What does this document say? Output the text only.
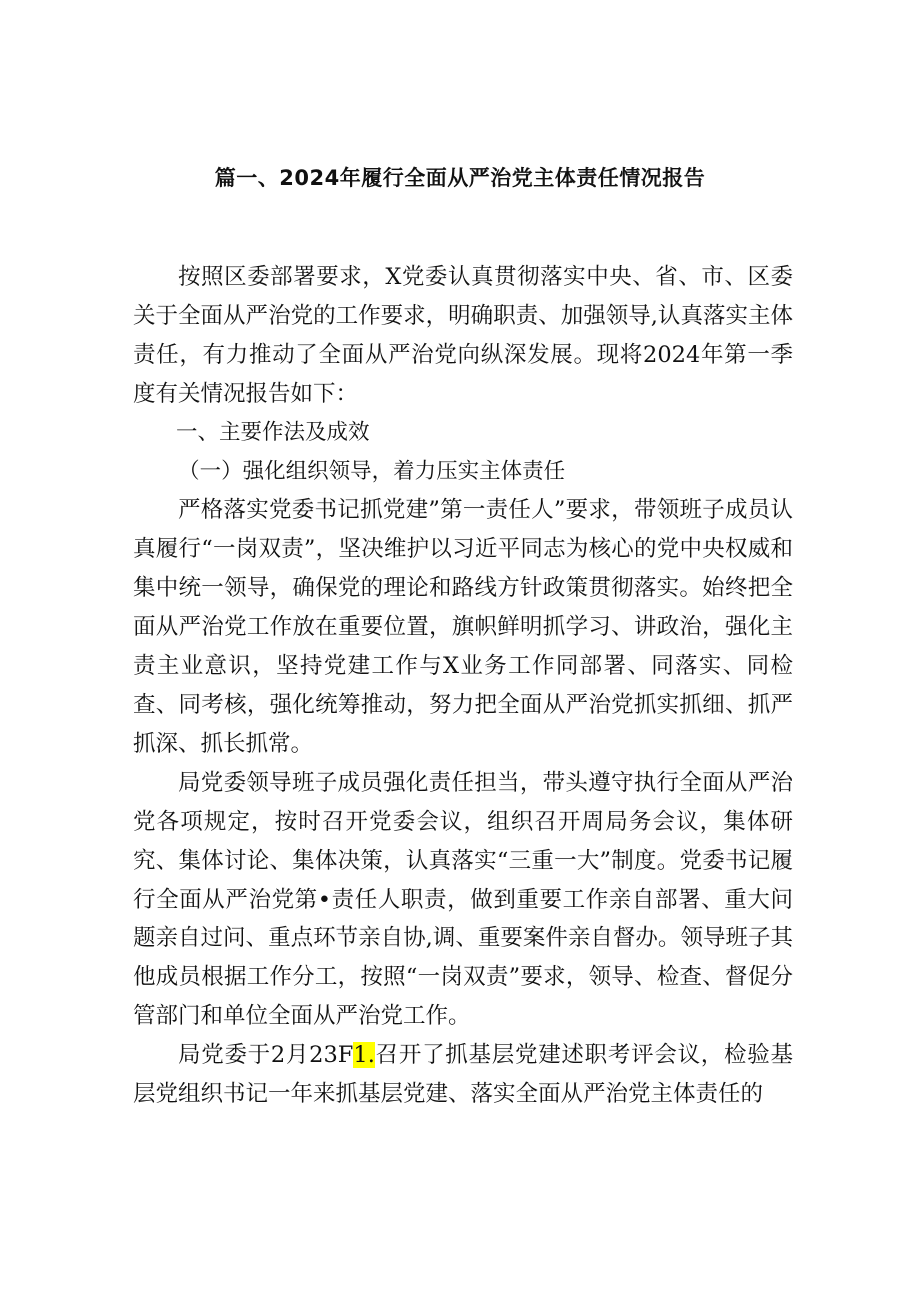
篇一、2024年履行全面从严治党主体责任情况报告

按照区委部署要求，X党委认真贯彻落实中央、省、市、区委关于全面从严治党的工作要求，明确职责、加强领导,认真落实主体责任，有力推动了全面从严治党向纵深发展。现将2024年第一季度有关情况报告如下：

一、主要作法及成效

（一）强化组织领导，着力压实主体责任

严格落实党委书记抓党建”第一责任人”要求，带领班子成员认真履行“一岗双责”，坚决维护以习近平同志为核心的党中央权威和集中统一领导，确保党的理论和路线方针政策贯彻落实。始终把全面从严治党工作放在重要位置，旗帜鲜明抓学习、讲政治，强化主责主业意识，坚持党建工作与X业务工作同部署、同落实、同检查、同考核，强化统筹推动，努力把全面从严治党抓实抓细、抓严抓深、抓长抓常。

局党委领导班子成员强化责任担当，带头遵守执行全面从严治党各项规定，按时召开党委会议，组织召开周局务会议，集体研究、集体讨论、集体决策，认真落实“三重一大”制度。党委书记履行全面从严治党第•责任人职责，做到重要工作亲自部署、重大问题亲自过问、重点环节亲自协,调、重要案件亲自督办。领导班子其他成员根据工作分工，按照“一岗双责”要求，领导、检查、督促分管部门和单位全面从严治党工作。

局党委于2月23F1.召开了抓基层党建述职考评会议，检验基层党组织书记一年来抓基层党建、落实全面从严治党主体责任的
